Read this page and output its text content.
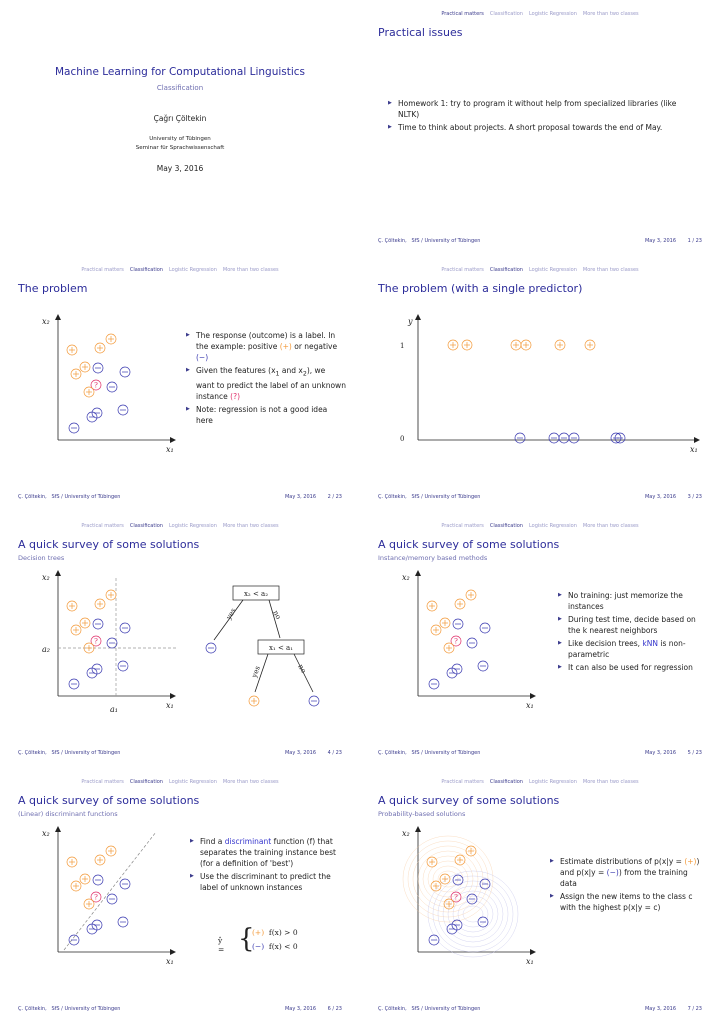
Machine Learning for Computational Linguistics
Classification
Çağrı Çöltekin
University of Tübingen
Seminar für Sprachwissenschaft
May 3, 2016
Practical matters Classification Logistic Regression More than two classes
Practical issues
▶ Homework 1: try to program it without help from specialized libraries (like NLTK)
▶ Time to think about projects. A short proposal towards the end of May.
Ç. Çöltekin, SfS / University of Tübingen	May 3, 2016 1 / 23
Practical matters Classification Logistic Regression More than two classes
The problem
x₂
x₁
?
▶ The response (outcome) is a label. In the example: positive (+) or negative (−)
▶ Given the features ($x_1$ and $x_2$), we want to predict the label of an unknown instance (?)
▶ Note: regression is not a good idea here
Ç. Çöltekin, SfS / University of Tübingen	May 3, 2016 2 / 23
Practical matters Classification Logistic Regression More than two classes
The problem (with a single predictor)
y
x₁
1
0
Ç. Çöltekin, SfS / University of Tübingen	May 3, 2016 3 / 23
Practical matters Classification Logistic Regression More than two classes
A quick survey of some solutions
Decision trees
x₂
x₁
a₁
a₂
?
x₂ < a₂
yes	no
x₁ < a₁
yes	no
Ç. Çöltekin, SfS / University of Tübingen	May 3, 2016 4 / 23
Practical matters Classification Logistic Regression More than two classes
A quick survey of some solutions
Instance/memory based methods
x₂
x₁
?
▶ No training: just memorize the instances
▶ During test time, decide based on the k nearest neighbors
▶ Like decision trees, kNN is non-parametric
▶ It can also be used for regression
Ç. Çöltekin, SfS / University of Tübingen	May 3, 2016 5 / 23
Practical matters Classification Logistic Regression More than two classes
A quick survey of some solutions
(Linear) discriminant functions
x₂
x₁
?
▶ Find a discriminant function (f) that separates the training instance best (for a definition of 'best')
▶ Use the discriminant to predict the label of unknown instances
ŷ = {
(+) f(x) > 0
(−) f(x) < 0
Ç. Çöltekin, SfS / University of Tübingen	May 3, 2016 6 / 23
Practical matters Classification Logistic Regression More than two classes
A quick survey of some solutions
Probability-based solutions
x₂
x₁
?
▶ Estimate distributions of p(x|y = (+)) and p(x|y = (−)) from the training data
▶ Assign the new items to the class c with the highest p(x|y = c)
Ç. Çöltekin, SfS / University of Tübingen	May 3, 2016 7 / 23
